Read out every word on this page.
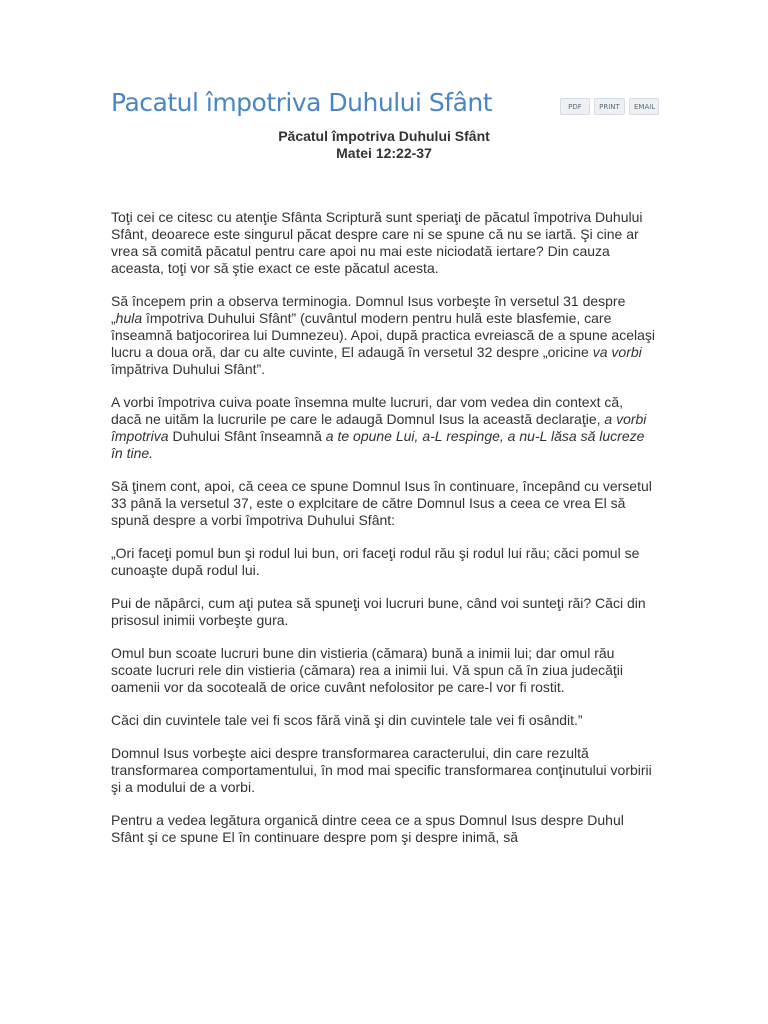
Pacatul împotriva Duhului Sfânt	PDF	PRINT	EMAIL
Păcatul împotriva Duhului Sfânt
Matei 12:22-37

Toţi cei ce citesc cu atenţie Sfânta Scriptură sunt speriaţi de păcatul împotriva Duhului Sfânt, deoarece este singurul păcat despre care ni se spune că nu se iartă. Şi cine ar vrea să comită păcatul pentru care apoi nu mai este niciodată iertare? Din cauza aceasta, toţi vor să ştie exact ce este păcatul acesta.

Să începem prin a observa terminogia. Domnul Isus vorbeşte în versetul 31 despre „hula împotriva Duhului Sfânt” (cuvântul modern pentru hulă este blasfemie, care înseamnă batjocorirea lui Dumnezeu). Apoi, după practica evreiască de a spune acelaşi lucru a doua oră, dar cu alte cuvinte, El adaugă în versetul 32 despre „oricine va vorbi împătriva Duhului Sfânt”.

A vorbi împotriva cuiva poate însemna multe lucruri, dar vom vedea din context că, dacă ne uităm la lucrurile pe care le adaugă Domnul Isus la această declaraţie, a vorbi împotriva Duhului Sfânt înseamnă a te opune Lui, a-L respinge, a nu-L lăsa să lucreze în tine.

Să ţinem cont, apoi, că ceea ce spune Domnul Isus în continuare, începând cu versetul 33 până la versetul 37, este o explcitare de către Domnul Isus a ceea ce vrea El să spună despre a vorbi împotriva Duhului Sfânt:

„Ori faceţi pomul bun şi rodul lui bun, ori faceţi rodul rău şi rodul lui rău; căci pomul se cunoaşte după rodul lui.

Pui de năpârci, cum aţi putea să spuneţi voi lucruri bune, când voi sunteţi răi? Căci din prisosul inimii vorbeşte gura.

Omul bun scoate lucruri bune din vistieria (cămara) bună a inimii lui; dar omul rău scoate lucruri rele din vistieria (cămara) rea a inimii lui. Vă spun că în ziua judecăţii oamenii vor da socoteală de orice cuvânt nefolositor pe care-l vor fi rostit.

Căci din cuvintele tale vei fi scos fără vină şi din cuvintele tale vei fi osândit.”

Domnul Isus vorbeşte aici despre transformarea caracterului, din care rezultă transformarea comportamentului, în mod mai specific transformarea conţinutului vorbirii şi a modului de a vorbi.

Pentru a vedea legătura organică dintre ceea ce a spus Domnul Isus despre Duhul Sfânt şi ce spune El în continuare despre pom şi despre inimă, să
